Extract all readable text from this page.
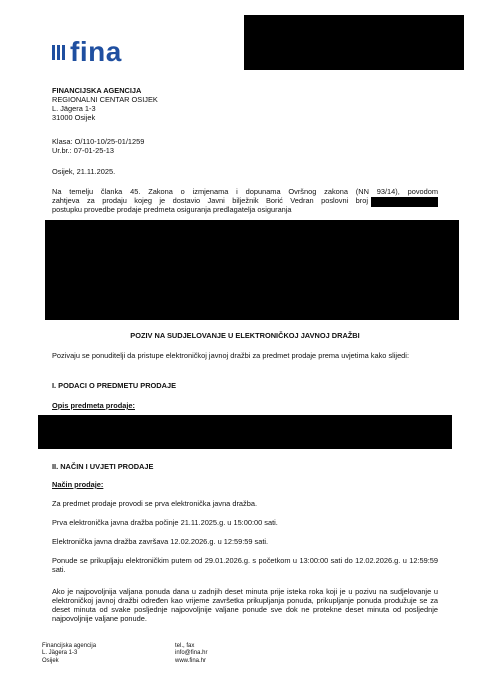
fina
FINANCIJSKA AGENCIJA
REGIONALNI CENTAR OSIJEK
L. Jägera 1-3
31000 Osijek
Klasa: O/110-10/25-01/1259
Ur.br.: 07-01-25-13
Osijek, 21.11.2025.
Na temelju članka 45. Zakona o izmjenama i dopunama Ovršnog zakona (NN 93/14), povodom
zahtjeva za prodaju kojeg je dostavio Javni bilježnik Borić Vedran poslovni broj
postupku provedbe prodaje predmeta osiguranja predlagatelja osiguranja
POZIV NA SUDJELOVANJE U ELEKTRONIČKOJ JAVNOJ DRAŽBI
Pozivaju se ponuditelji da pristupe elektroničkoj javnoj dražbi za predmet prodaje prema uvjetima kako slijedi:
I. PODACI O PREDMETU PRODAJE
Opis predmeta prodaje:
II. NAČIN I UVJETI PRODAJE
Način prodaje:
Za predmet prodaje provodi se prva elektronička javna dražba.
Prva elektronička javna dražba počinje 21.11.2025.g. u 15:00:00 sati.
Elektronička javna dražba završava 12.02.2026.g. u 12:59:59 sati.
Ponude se prikupljaju elektroničkim putem od 29.01.2026.g. s početkom u 13:00:00 sati do 12.02.2026.g. u 12:59:59 sati.
Ako je najpovoljnija valjana ponuda dana u zadnjih deset minuta prije isteka roka koji je u pozivu na sudjelovanje u elektroničkoj javnoj dražbi određen kao vrijeme završetka prikupljanja ponuda, prikupljanje ponuda produžuje se za deset minuta od svake posljednje najpovoljnije valjane ponude sve dok ne protekne deset minuta od posljednje najpovoljnije valjane ponude.
Financijska agencija
L. Jägera 1-3
Osijek
tel., fax
info@fina.hr
www.fina.hr
